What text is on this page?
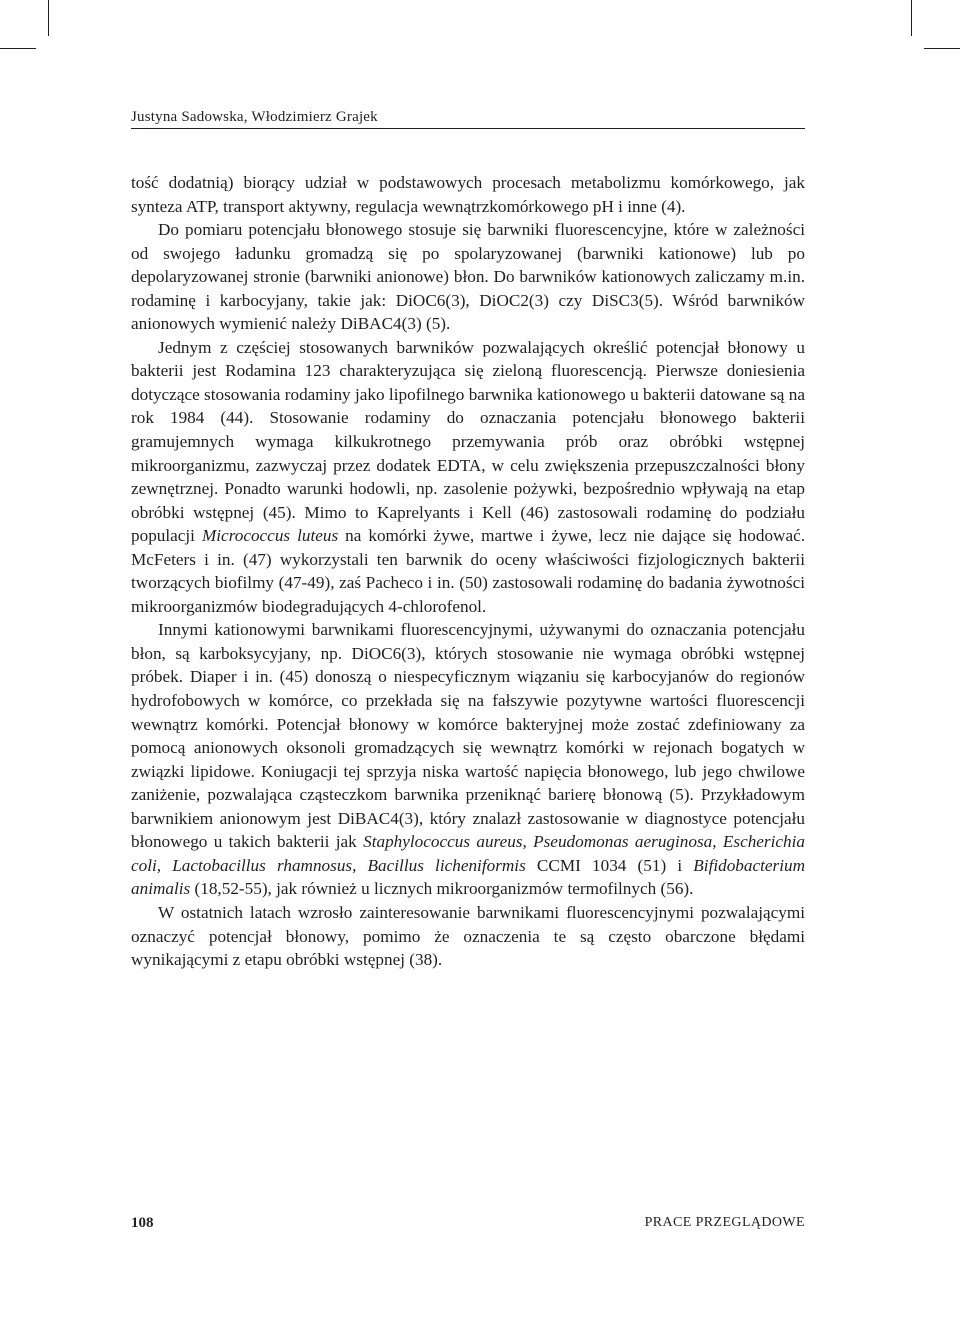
Justyna Sadowska, Włodzimierz Grajek

tość dodatnią) biorący udział w podstawowych procesach metabolizmu komórkowego, jak synteza ATP, transport aktywny, regulacja wewnątrzkomórkowego pH i inne (4).

Do pomiaru potencjału błonowego stosuje się barwniki fluorescencyjne, które w zależności od swojego ładunku gromadzą się po spolaryzowanej (barwniki kationowe) lub po depolaryzowanej stronie (barwniki anionowe) błon. Do barwników kationowych zaliczamy m.in. rodaminę i karbocyjany, takie jak: DiOC6(3), DiOC2(3) czy DiSC3(5). Wśród barwników anionowych wymienić należy DiBAC4(3) (5).

Jednym z częściej stosowanych barwników pozwalających określić potencjał błonowy u bakterii jest Rodamina 123 charakteryzująca się zieloną fluorescencją. Pierwsze doniesienia dotyczące stosowania rodaminy jako lipofilnego barwnika kationowego u bakterii datowane są na rok 1984 (44). Stosowanie rodaminy do oznaczania potencjału błonowego bakterii gramujemnych wymaga kilkukrotnego przemywania prób oraz obróbki wstępnej mikroorganizmu, zazwyczaj przez dodatek EDTA, w celu zwiększenia przepuszczalności błony zewnętrznej. Ponadto warunki hodowli, np. zasolenie pożywki, bezpośrednio wpływają na etap obróbki wstępnej (45). Mimo to Kaprelyants i Kell (46) zastosowali rodaminę do podziału populacji Micrococcus luteus na komórki żywe, martwe i żywe, lecz nie dające się hodować. McFeters i in. (47) wykorzystali ten barwnik do oceny właściwości fizjologicznych bakterii tworzących biofilmy (47-49), zaś Pacheco i in. (50) zastosowali rodaminę do badania żywotności mikroorganizmów biodegradujących 4-chlorofenol.

Innymi kationowymi barwnikami fluorescencyjnymi, używanymi do oznaczania potencjału błon, są karboksycyjany, np. DiOC6(3), których stosowanie nie wymaga obróbki wstępnej próbek. Diaper i in. (45) donoszą o niespecyficznym wiązaniu się karbocyjanów do regionów hydrofobowych w komórce, co przekłada się na fałszywie pozytywne wartości fluorescencji wewnątrz komórki. Potencjał błonowy w komórce bakteryjnej może zostać zdefiniowany za pomocą anionowych oksonoli gromadzących się wewnątrz komórki w rejonach bogatych w związki lipidowe. Koniugacji tej sprzyja niska wartość napięcia błonowego, lub jego chwilowe zaniżenie, pozwalająca cząsteczkom barwnika przeniknąć barierę błonową (5). Przykładowym barwnikiem anionowym jest DiBAC4(3), który znalazł zastosowanie w diagnostyce potencjału błonowego u takich bakterii jak Staphylococcus aureus, Pseudomonas aeruginosa, Escherichia coli, Lactobacillus rhamnosus, Bacillus licheniformis CCMI 1034 (51) i Bifidobacterium animalis (18,52-55), jak również u licznych mikroorganizmów termofilnych (56).

W ostatnich latach wzrosło zainteresowanie barwnikami fluorescencyjnymi pozwalającymi oznaczyć potencjał błonowy, pomimo że oznaczenia te są często obarczone błędami wynikającymi z etapu obróbki wstępnej (38).

108	PRACE PRZEGLĄDOWE
